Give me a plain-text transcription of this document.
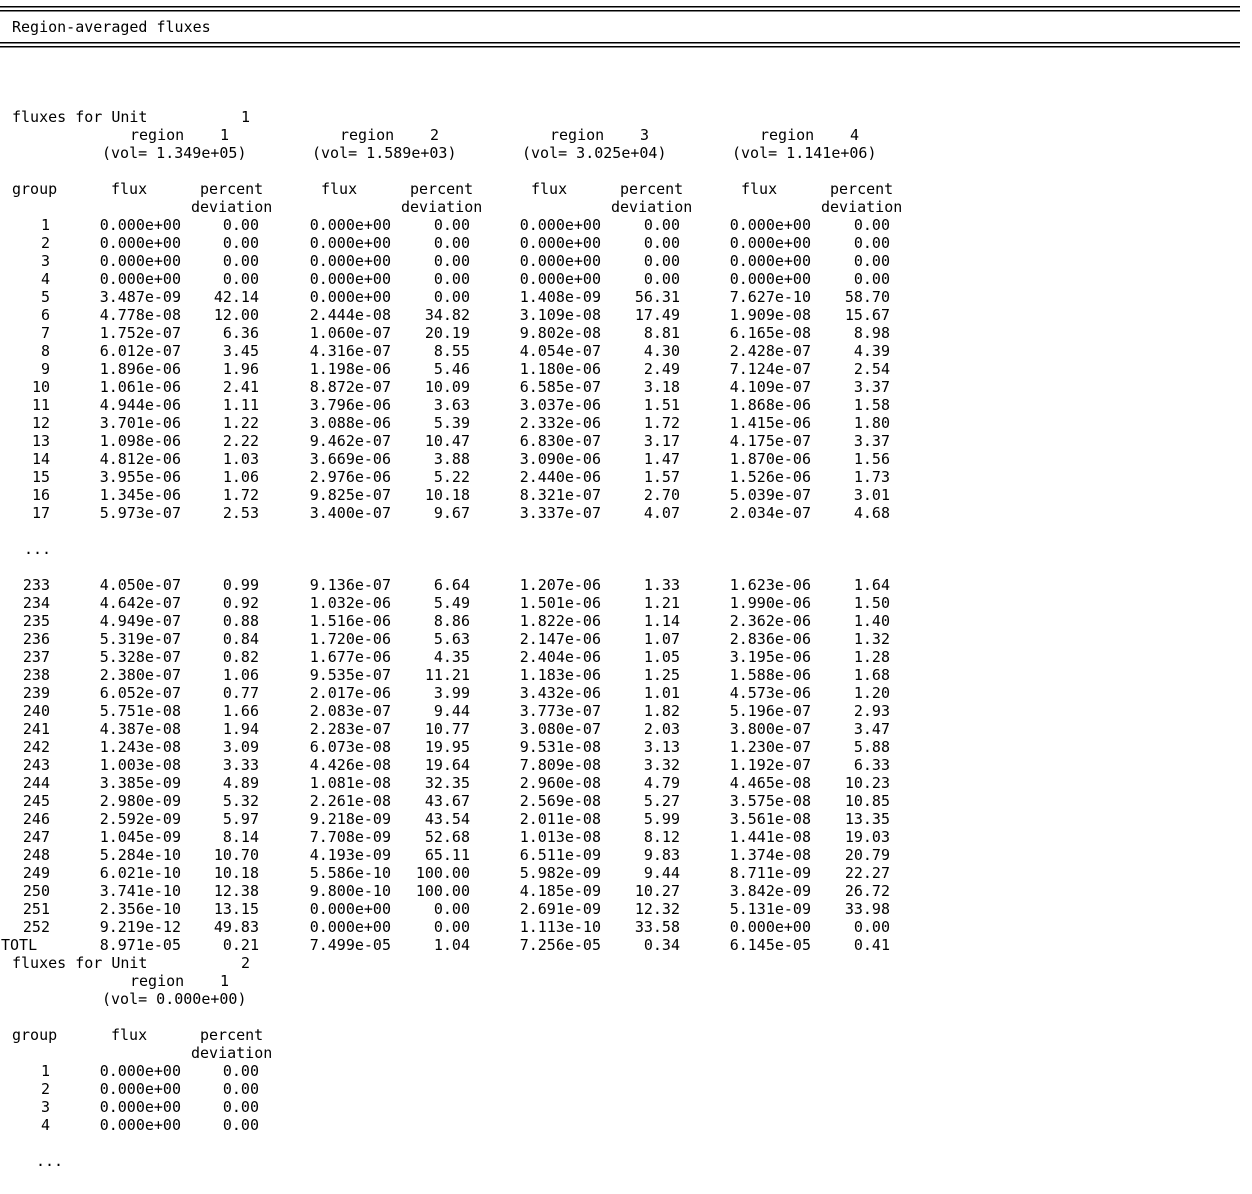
Region-averaged fluxes
fluxes for Unit	1
region 1	region 2	region 3	region 4
(vol= 1.349e+05)	(vol= 1.589e+03)	(vol= 3.025e+04)	(vol= 1.141e+06)
group	flux	percent	flux	percent	flux	percent	flux	percent
deviation	deviation	deviation	deviation
1	0.000e+00	0.00	0.000e+00	0.00	0.000e+00	0.00	0.000e+00	0.00
2	0.000e+00	0.00	0.000e+00	0.00	0.000e+00	0.00	0.000e+00	0.00
3	0.000e+00	0.00	0.000e+00	0.00	0.000e+00	0.00	0.000e+00	0.00
4	0.000e+00	0.00	0.000e+00	0.00	0.000e+00	0.00	0.000e+00	0.00
5	3.487e-09 42.14	0.000e+00	0.00	1.408e-09 56.31	7.627e-10 58.70
6	4.778e-08 12.00	2.444e-08 34.82	3.109e-08 17.49	1.909e-08 15.67
7	1.752e-07	6.36	1.060e-07 20.19	9.802e-08	8.81	6.165e-08	8.98
8	6.012e-07	3.45	4.316e-07	8.55	4.054e-07	4.30	2.428e-07	4.39
9	1.896e-06	1.96	1.198e-06	5.46	1.180e-06	2.49	7.124e-07	2.54
10	1.061e-06	2.41	8.872e-07 10.09	6.585e-07	3.18	4.109e-07	3.37
11	4.944e-06	1.11	3.796e-06	3.63	3.037e-06	1.51	1.868e-06	1.58
12	3.701e-06	1.22	3.088e-06	5.39	2.332e-06	1.72	1.415e-06	1.80
13	1.098e-06	2.22	9.462e-07 10.47	6.830e-07	3.17	4.175e-07	3.37
14	4.812e-06	1.03	3.669e-06	3.88	3.090e-06	1.47	1.870e-06	1.56
15	3.955e-06	1.06	2.976e-06	5.22	2.440e-06	1.57	1.526e-06	1.73
16	1.345e-06	1.72	9.825e-07 10.18	8.321e-07	2.70	5.039e-07	3.01
17	5.973e-07	2.53	3.400e-07	9.67	3.337e-07	4.07	2.034e-07	4.68
...
233	4.050e-07	0.99	9.136e-07	6.64	1.207e-06	1.33	1.623e-06	1.64
234	4.642e-07	0.92	1.032e-06	5.49	1.501e-06	1.21	1.990e-06	1.50
235	4.949e-07	0.88	1.516e-06	8.86	1.822e-06	1.14	2.362e-06	1.40
236	5.319e-07	0.84	1.720e-06	5.63	2.147e-06	1.07	2.836e-06	1.32
237	5.328e-07	0.82	1.677e-06	4.35	2.404e-06	1.05	3.195e-06	1.28
238	2.380e-07	1.06	9.535e-07 11.21	1.183e-06	1.25	1.588e-06	1.68
239	6.052e-07	0.77	2.017e-06	3.99	3.432e-06	1.01	4.573e-06	1.20
240	5.751e-08	1.66	2.083e-07	9.44	3.773e-07	1.82	5.196e-07	2.93
241	4.387e-08	1.94	2.283e-07 10.77	3.080e-07	2.03	3.800e-07	3.47
242	1.243e-08	3.09	6.073e-08 19.95	9.531e-08	3.13	1.230e-07	5.88
243	1.003e-08	3.33	4.426e-08 19.64	7.809e-08	3.32	1.192e-07	6.33
244	3.385e-09	4.89	1.081e-08 32.35	2.960e-08	4.79	4.465e-08 10.23
245	2.980e-09	5.32	2.261e-08 43.67	2.569e-08	5.27	3.575e-08 10.85
246	2.592e-09	5.97	9.218e-09 43.54	2.011e-08	5.99	3.561e-08 13.35
247	1.045e-09	8.14	7.708e-09 52.68	1.013e-08	8.12	1.441e-08 19.03
248	5.284e-10 10.70	4.193e-09 65.11	6.511e-09	9.83	1.374e-08 20.79
249	6.021e-10 10.18	5.586e-10 100.00	5.982e-09	9.44	8.711e-09 22.27
250	3.741e-10 12.38	9.800e-10 100.00	4.185e-09 10.27	3.842e-09 26.72
251	2.356e-10 13.15	0.000e+00	0.00	2.691e-09 12.32	5.131e-09 33.98
252	9.219e-12 49.83	0.000e+00	0.00	1.113e-10 33.58	0.000e+00	0.00
TOTL	8.971e-05	0.21	7.499e-05	1.04	7.256e-05	0.34	6.145e-05	0.41
fluxes for Unit	2
region 1
(vol= 0.000e+00)
group	flux	percent
deviation
1	0.000e+00	0.00
2	0.000e+00	0.00
3	0.000e+00	0.00
4	0.000e+00	0.00
...
